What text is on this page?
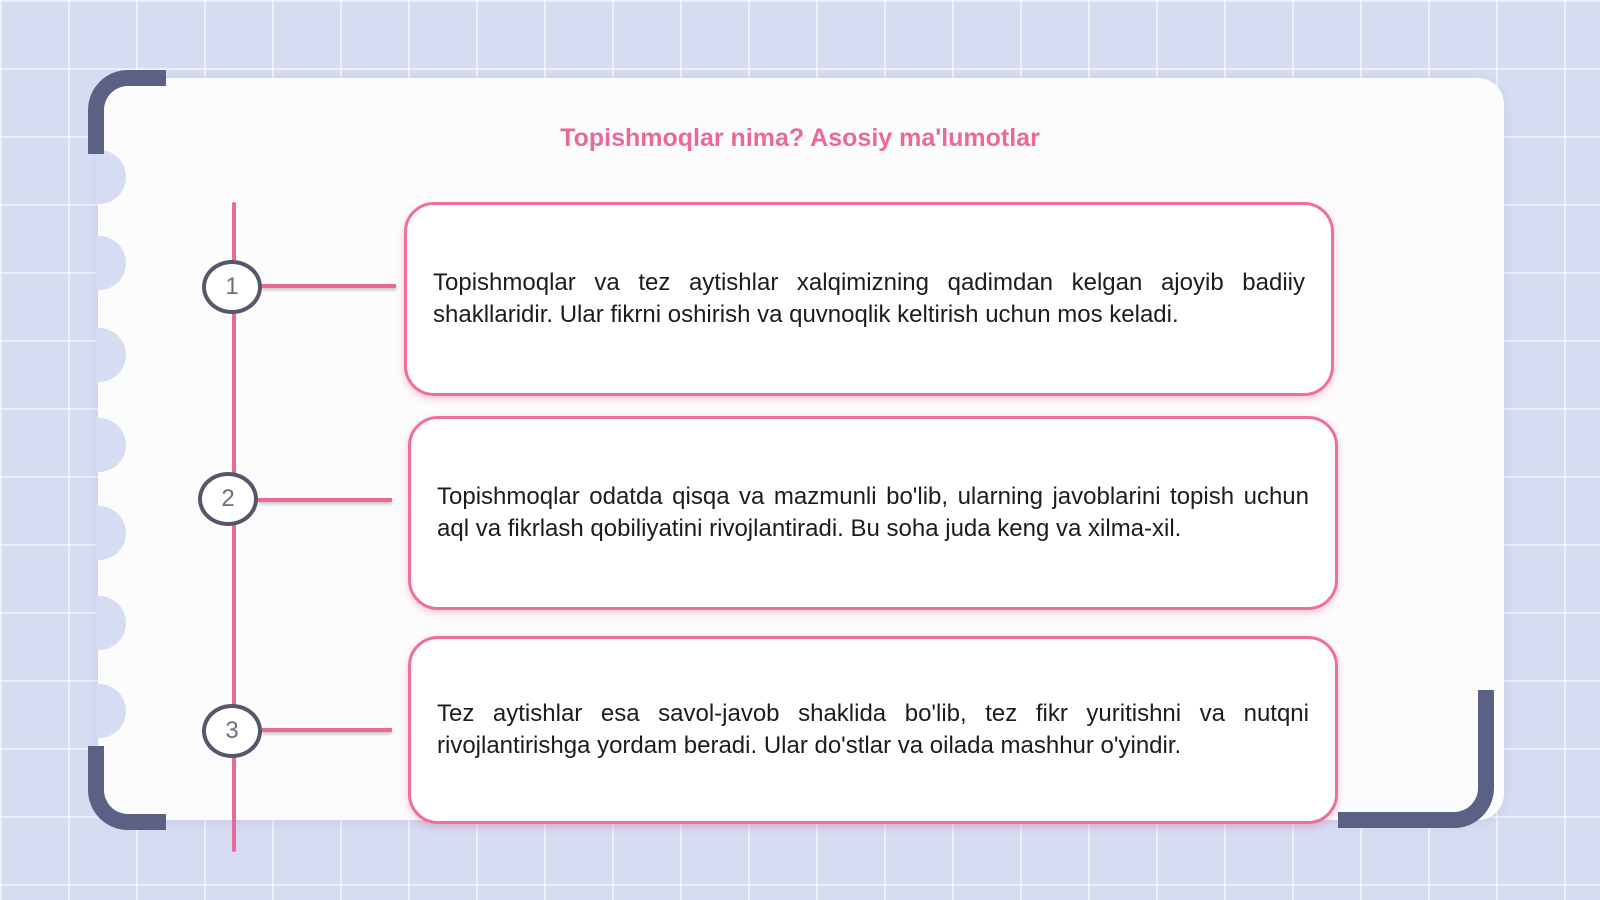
Topishmoqlar nima? Asosiy ma'lumotlar
1	Topishmoqlar va tez aytishlar xalqimizning qadimdan kelgan ajoyib badiiy shakllaridir. Ular fikrni oshirish va quvnoqlik keltirish uchun mos keladi.

2	Topishmoqlar odatda qisqa va mazmunli bo'lib, ularning javoblarini topish uchun aql va fikrlash qobiliyatini rivojlantiradi. Bu soha juda keng va xilma-xil.

3

Tez aytishlar esa savol-javob shaklida bo'lib, tez fikr yuritishni va nutqni rivojlantirishga yordam beradi. Ular do'stlar va oilada mashhur o'yindir.
